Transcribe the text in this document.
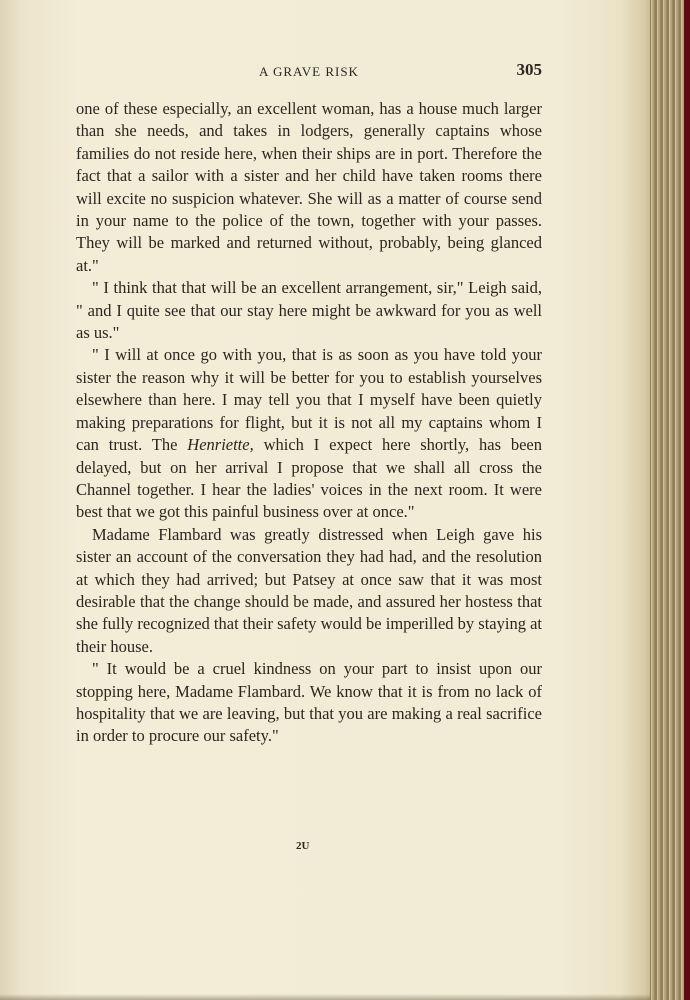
A GRAVE RISK	305

one of these especially, an excellent woman, has a house much larger than she needs, and takes in lodgers, generally captains whose families do not reside here, when their ships are in port. Therefore the fact that a sailor with a sister and her child have taken rooms there will excite no suspicion whatever. She will as a matter of course send in your name to the police of the town, together with your passes. They will be marked and returned without, probably, being glanced at."

" I think that that will be an excellent arrangement, sir," Leigh said, " and I quite see that our stay here might be awkward for you as well as us."

" I will at once go with you, that is as soon as you have told your sister the reason why it will be better for you to establish yourselves elsewhere than here. I may tell you that I myself have been quietly making preparations for flight, but it is not all my captains whom I can trust. The Henriette, which I expect here shortly, has been delayed, but on her arrival I propose that we shall all cross the Channel together. I hear the ladies' voices in the next room. It were best that we got this painful business over at once."

Madame Flambard was greatly distressed when Leigh gave his sister an account of the conversation they had had, and the resolution at which they had arrived; but Patsey at once saw that it was most desirable that the change should be made, and assured her hostess that she fully recognized that their safety would be imperilled by staying at their house.

" It would be a cruel kindness on your part to insist upon our stopping here, Madame Flambard. We know that it is from no lack of hospitality that we are leaving, but that you are making a real sacrifice in order to procure our safety."

2U
